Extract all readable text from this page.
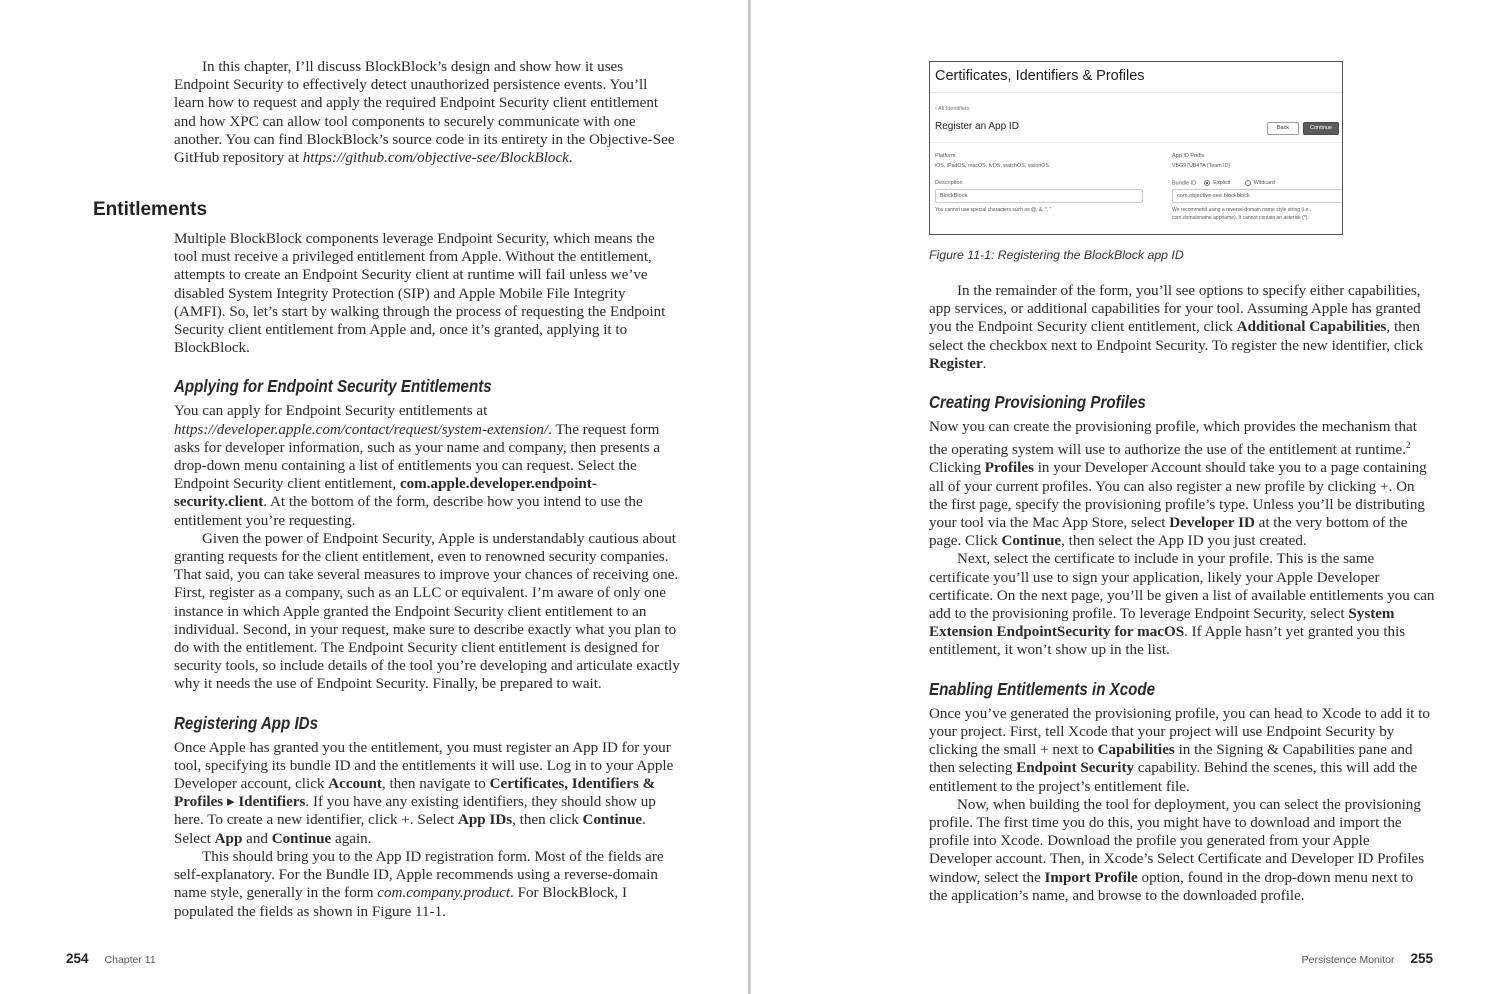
In this chapter, I’ll discuss BlockBlock’s design and show how it uses Endpoint Security to effectively detect unauthorized persistence events. You’ll learn how to request and apply the required Endpoint Security client entitlement and how XPC can allow tool components to securely communicate with one another. You can find BlockBlock’s source code in its entirety in the Objective-See GitHub repository at https://github.com/objective-see/BlockBlock.

Entitlements

Multiple BlockBlock components leverage Endpoint Security, which means the tool must receive a privileged entitlement from Apple. Without the entitlement, attempts to create an Endpoint Security client at runtime will fail unless we’ve disabled System Integrity Protection (SIP) and Apple Mobile File Integrity (AMFI). So, let’s start by walking through the process of requesting the Endpoint Security client entitlement from Apple and, once it’s granted, applying it to BlockBlock.

Applying for Endpoint Security Entitlements

You can apply for Endpoint Security entitlements at https://developer.apple.com/contact/request/system-extension/. The request form asks for developer information, such as your name and company, then presents a drop-down menu containing a list of entitlements you can request. Select the Endpoint Security client entitlement, com.apple.developer.endpoint-security.client. At the bottom of the form, describe how you intend to use the entitlement you’re requesting.

Given the power of Endpoint Security, Apple is understandably cautious about granting requests for the client entitlement, even to renowned security companies. That said, you can take several measures to improve your chances of receiving one. First, register as a company, such as an LLC or equivalent. I’m aware of only one instance in which Apple granted the Endpoint Security client entitlement to an individual. Second, in your request, make sure to describe exactly what you plan to do with the entitlement. The Endpoint Security client entitlement is designed for security tools, so include details of the tool you’re developing and articulate exactly why it needs the use of Endpoint Security. Finally, be prepared to wait.

Registering App IDs

Once Apple has granted you the entitlement, you must register an App ID for your tool, specifying its bundle ID and the entitlements it will use. Log in to your Apple Developer account, click Account, then navigate to Certificates, Identifiers & Profiles ▸ Identifiers. If you have any existing identifiers, they should show up here. To create a new identifier, click +. Select App IDs, then click Continue. Select App and Continue again.

This should bring you to the App ID registration form. Most of the fields are self-explanatory. For the Bundle ID, Apple recommends using a reverse-domain name style, generally in the form com.company.product. For BlockBlock, I populated the fields as shown in Figure 11-1.

254 Chapter 11
Certificates, Identifiers & Profiles
‹ All Identifiers
Register an App ID	Back	Continue
Platform
iOS, iPadOS, macOS, tvOS, watchOS, visionOS
App ID Prefix
VBG97UB4TA (Team ID)
Description
BlockBlock
You cannot use special characters such as @, &, *, "
Bundle ID	Explicit	Wildcard
com.objective-see.blockblock
We recommend using a reverse-domain name style string (i.e.,
com.domainname.appname). It cannot contain an asterisk (*).
Figure 11-1: Registering the BlockBlock app ID

In the remainder of the form, you’ll see options to specify either capabilities, app services, or additional capabilities for your tool. Assuming Apple has granted you the Endpoint Security client entitlement, click Additional Capabilities, then select the checkbox next to Endpoint Security. To register the new identifier, click Register.

Creating Provisioning Profiles

Now you can create the provisioning profile, which provides the mechanism that the operating system will use to authorize the use of the entitlement at runtime.$^2$ Clicking Profiles in your Developer Account should take you to a page containing all of your current profiles. You can also register a new profile by clicking +. On the first page, specify the provisioning profile’s type. Unless you’ll be distributing your tool via the Mac App Store, select Developer ID at the very bottom of the page. Click Continue, then select the App ID you just created.

Next, select the certificate to include in your profile. This is the same certificate you’ll use to sign your application, likely your Apple Developer certificate. On the next page, you’ll be given a list of available entitlements you can add to the provisioning profile. To leverage Endpoint Security, select System Extension EndpointSecurity for macOS. If Apple hasn’t yet granted you this entitlement, it won’t show up in the list.

Enabling Entitlements in Xcode

Once you’ve generated the provisioning profile, you can head to Xcode to add it to your project. First, tell Xcode that your project will use Endpoint Security by clicking the small + next to Capabilities in the Signing & Capabilities pane and then selecting Endpoint Security capability. Behind the scenes, this will add the entitlement to the project’s entitlement file.

Now, when building the tool for deployment, you can select the provisioning profile. The first time you do this, you might have to download and import the profile into Xcode. Download the profile you generated from your Apple Developer account. Then, in Xcode’s Select Certificate and Developer ID Profiles window, select the Import Profile option, found in the drop-down menu next to the application’s name, and browse to the downloaded profile.

Persistence Monitor 255
